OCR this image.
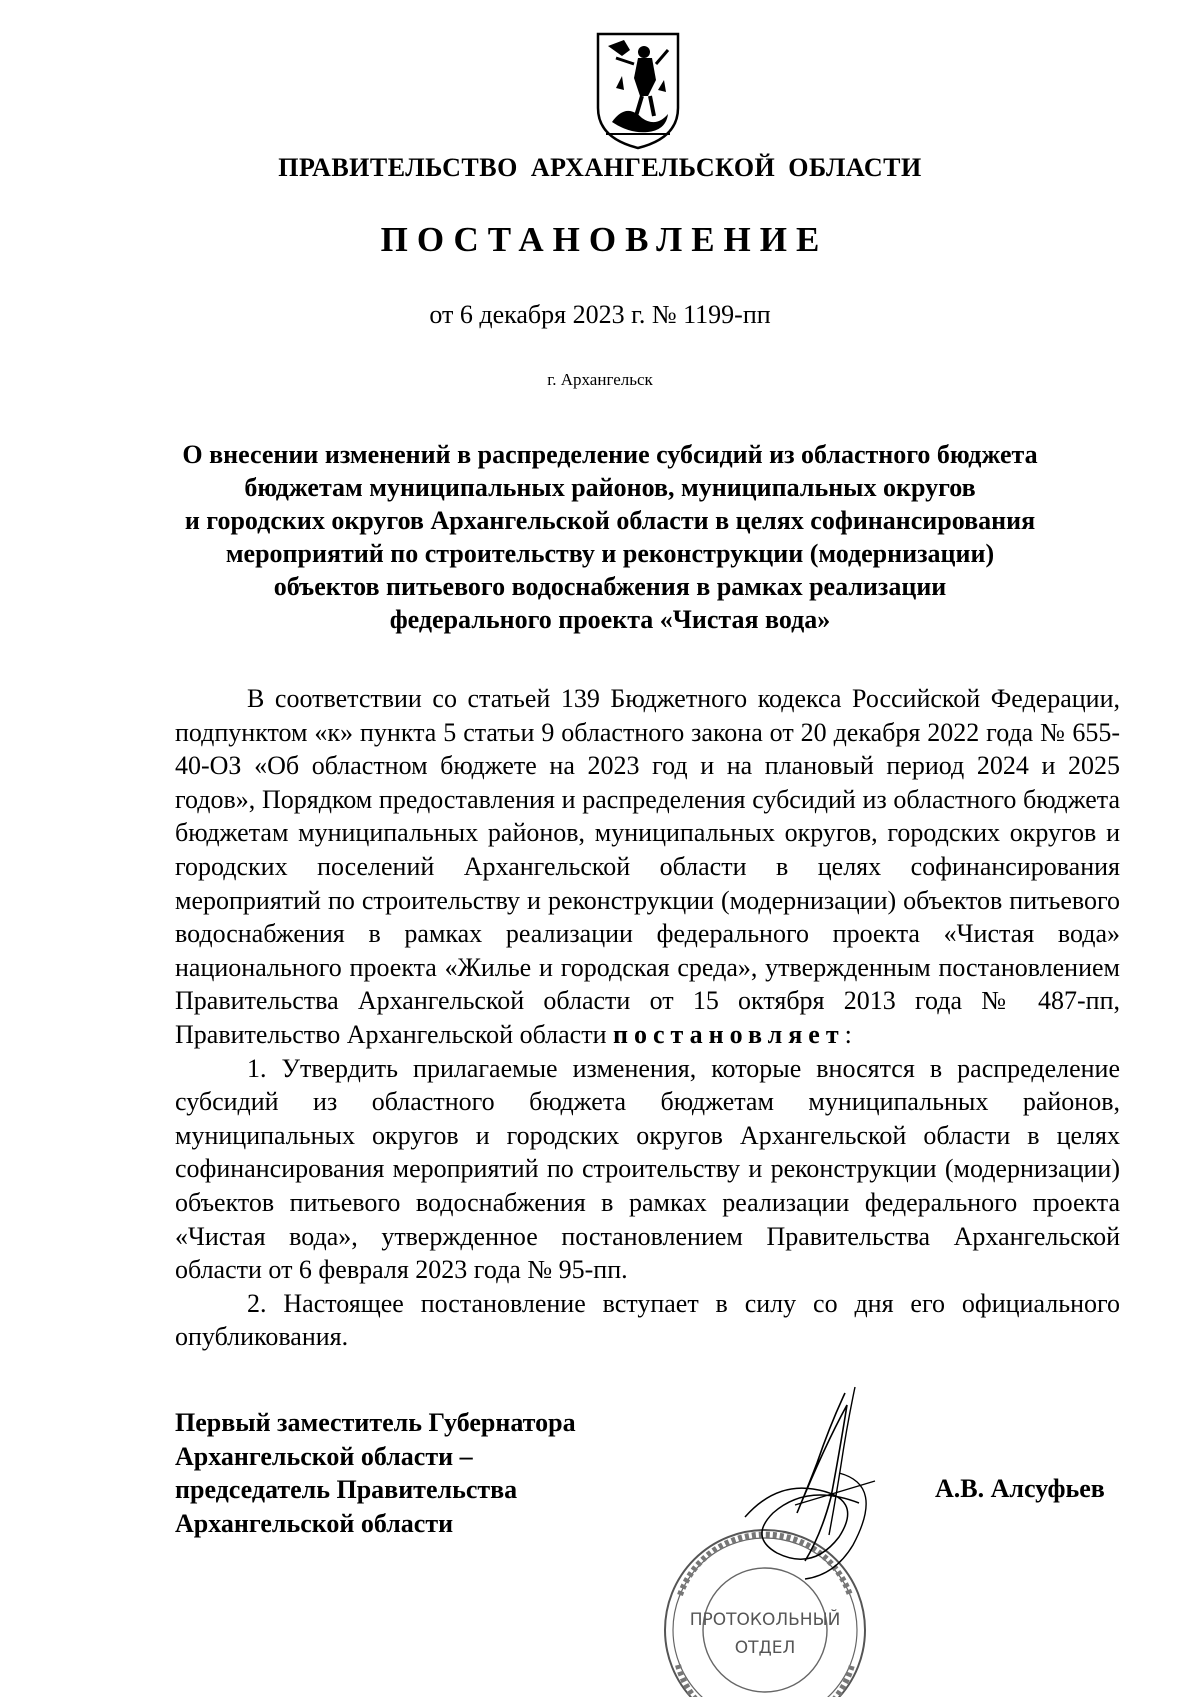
ПРАВИТЕЛЬСТВО АРХАНГЕЛЬСКОЙ ОБЛАСТИ
ПОСТАНОВЛЕНИЕ
от 6 декабря 2023 г. № 1199-пп
г. Архангельск
О внесении изменений в распределение субсидий из областного бюджета
бюджетам муниципальных районов, муниципальных округов
и городских округов Архангельской области в целях софинансирования
мероприятий по строительству и реконструкции (модернизации)
объектов питьевого водоснабжения в рамках реализации
федерального проекта «Чистая вода»

В соответствии со статьей 139 Бюджетного кодекса Российской Федерации, подпунктом «к» пункта 5 статьи 9 областного закона от 20 декабря 2022 года № 655-40-ОЗ «Об областном бюджете на 2023 год и на плановый период 2024 и 2025 годов», Порядком предоставления и распределения субсидий из областного бюджета бюджетам муниципальных районов, муниципальных округов, городских округов и городских поселений Архангельской области в целях софинансирования мероприятий по строительству и реконструкции (модернизации) объектов питьевого водоснабжения в рамках реализации федерального проекта «Чистая вода» национального проекта «Жилье и городская среда», утвержденным постановлением Правительства Архангельской области от 15 октября 2013 года № 487-пп, Правительство Архангельской области постановляет:

1. Утвердить прилагаемые изменения, которые вносятся в распределение субсидий из областного бюджета бюджетам муниципальных районов, муниципальных округов и городских округов Архангельской области в целях софинансирования мероприятий по строительству и реконструкции (модернизации) объектов питьевого водоснабжения в рамках реализации федерального проекта «Чистая вода», утвержденное постановлением Правительства Архангельской области от 6 февраля 2023 года № 95-пп.

2. Настоящее постановление вступает в силу со дня его официального опубликования.

Первый заместитель Губернатора
Архангельской области –
председатель Правительства
Архангельской области
А.В. Алсуфьев
ПРОТОКОЛЬНЫЙ
ОТДЕЛ
